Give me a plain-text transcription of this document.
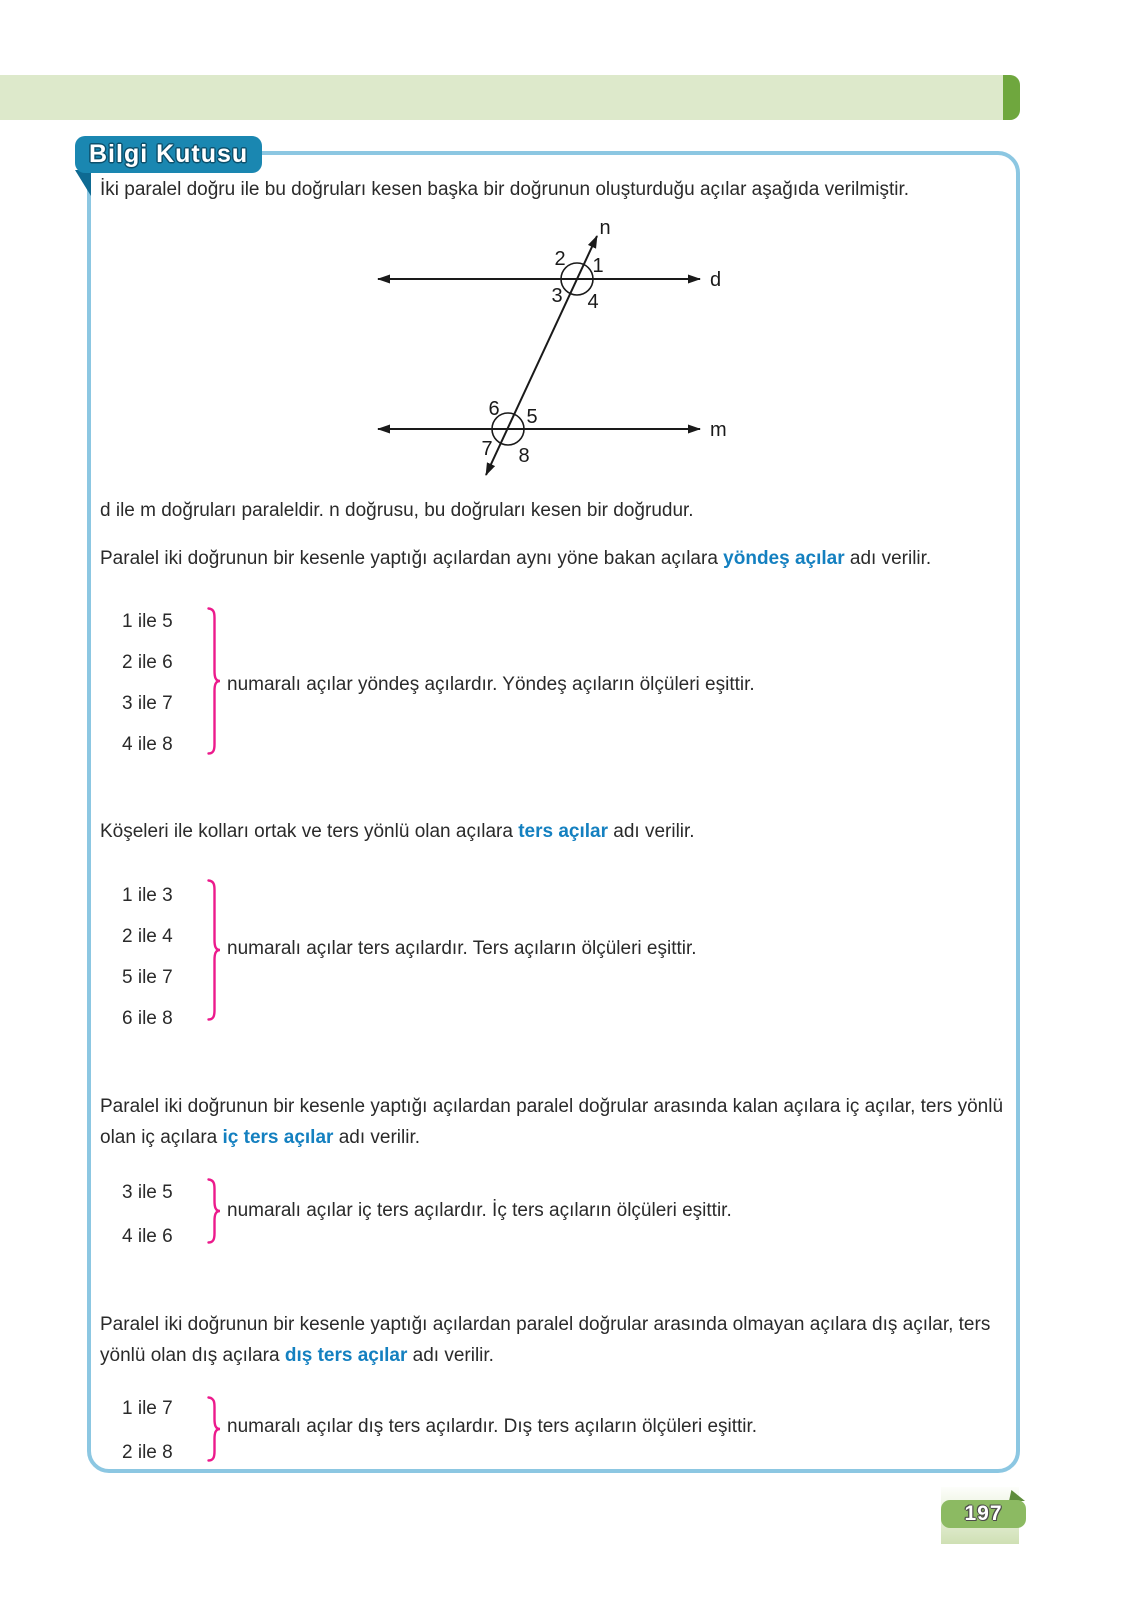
Bilgi Kutusu
İki paralel doğru ile bu doğruları kesen başka bir doğrunun oluşturduğu açılar aşağıda verilmiştir.
n
d
m
2 1
3 4
6 5
7 8
d ile m doğruları paraleldir. n doğrusu, bu doğruları kesen bir doğrudur.
Paralel iki doğrunun bir kesenle yaptığı açılardan aynı yöne bakan açılara yöndeş açılar adı verilir.
1 ile 5
2 ile 6
3 ile 7
4 ile 8
numaralı açılar yöndeş açılardır. Yöndeş açıların ölçüleri eşittir.
Köşeleri ile kolları ortak ve ters yönlü olan açılara ters açılar adı verilir.
1 ile 3
2 ile 4
5 ile 7
6 ile 8
numaralı açılar ters açılardır. Ters açıların ölçüleri eşittir.
Paralel iki doğrunun bir kesenle yaptığı açılardan paralel doğrular arasında kalan açılara iç açılar, ters yönlü olan iç açılara iç ters açılar adı verilir.
3 ile 5
4 ile 6
numaralı açılar iç ters açılardır. İç ters açıların ölçüleri eşittir.
Paralel iki doğrunun bir kesenle yaptığı açılardan paralel doğrular arasında olmayan açılara dış açılar, ters yönlü olan dış açılara dış ters açılar adı verilir.
1 ile 7
2 ile 8
numaralı açılar dış ters açılardır. Dış ters açıların ölçüleri eşittir.
197
